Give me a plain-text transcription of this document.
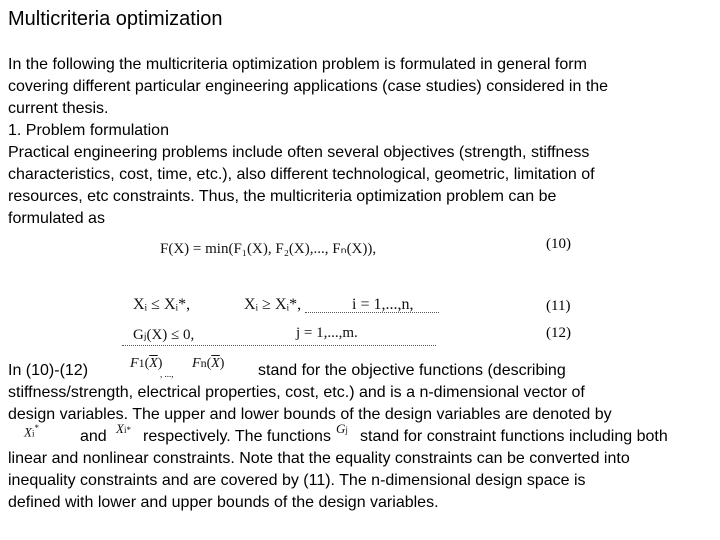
Multicriteria optimization
In the following the multicriteria optimization problem is formulated in general form
covering different particular engineering applications (case studies) considered in the
current thesis.
1. Problem formulation
Practical engineering problems include often several objectives (strength, stiffness
characteristics, cost, time, etc.), also different technological, geometric, limitation of
resources, etc constraints. Thus, the multicriteria optimization problem can be
formulated as
F(X) = min(F₁(X), F₂(X),..., Fₙ(X)),	(10)
Xᵢ ≤ Xᵢ*,	Xᵢ ≥ Xᵢ*,	i = 1,...,n,	(11)
Gⱼ(X) ≤ 0,	j = 1,...,m.	(12)
In (10)-(12)	$F1(\overline{X})$
, ...,
$Fn(\overline{X})$ stand for the objective functions (describing
stiffness/strength, electrical properties, cost, etc.) and is a n-dimensional vector of
design variables. The upper and lower bounds of the design variables are denoted by
Xi*	and Xi* respectively. The functions Gj stand for constraint functions including both
linear and nonlinear constraints. Note that the equality constraints can be converted into
inequality constraints and are covered by (11). The n-dimensional design space is
defined with lower and upper bounds of the design variables.
